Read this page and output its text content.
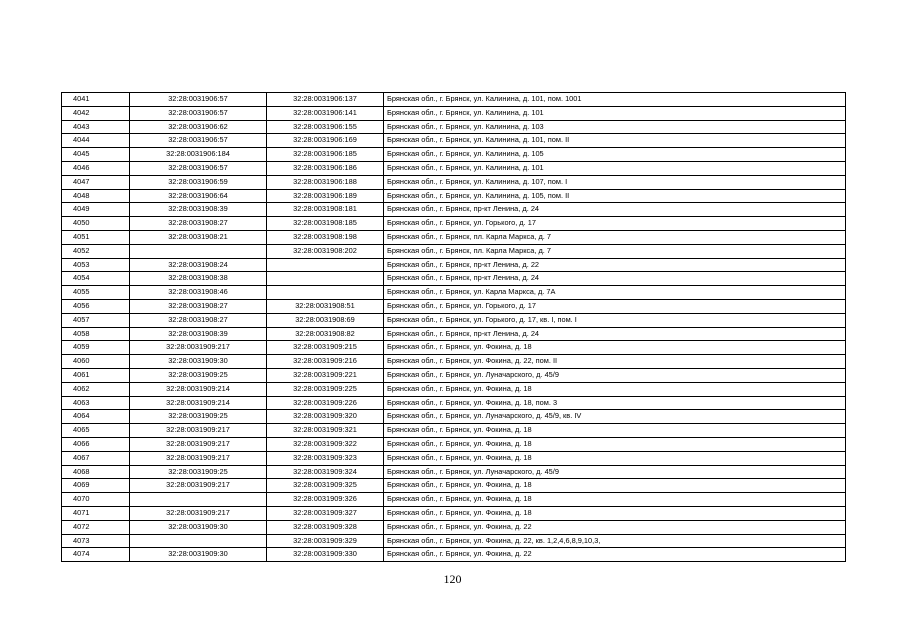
4041	32:28:0031906:57	32:28:0031906:137	Брянская обл., г. Брянск, ул. Калинина, д. 101, пом. 1001
4042	32:28:0031906:57	32:28:0031906:141	Брянская обл., г. Брянск, ул. Калинина, д. 101
4043	32:28:0031906:62	32:28:0031906:155	Брянская обл., г. Брянск, ул. Калинина, д. 103
4044	32:28:0031906:57	32:28:0031906:169	Брянская обл., г. Брянск, ул. Калинина, д. 101, пом. II
4045	32:28:0031906:184	32:28:0031906:185	Брянская обл., г. Брянск, ул. Калинина, д. 105
4046	32:28:0031906:57	32:28:0031906:186	Брянская обл., г. Брянск, ул. Калинина, д. 101
4047	32:28:0031906:59	32:28:0031906:188	Брянская обл., г. Брянск, ул. Калинина, д. 107, пом. I
4048	32:28:0031906:64	32:28:0031906:189	Брянская обл., г. Брянск, ул. Калинина, д. 105, пом. II
4049	32:28:0031908:39	32:28:0031908:181	Брянская обл., г. Брянск, пр-кт Ленина, д. 24
4050	32:28:0031908:27	32:28:0031908:185	Брянская обл., г. Брянск, ул. Горького, д. 17
4051	32:28:0031908:21	32:28:0031908:198	Брянская обл., г. Брянск, пл. Карла Маркса, д. 7
4052		32:28:0031908:202	Брянская обл., г. Брянск, пл. Карла Маркса, д. 7
4053	32:28:0031908:24		Брянская обл., г. Брянск, пр-кт Ленина, д. 22
4054	32:28:0031908:38		Брянская обл., г. Брянск, пр-кт Ленина, д. 24
4055	32:28:0031908:46		Брянская обл., г. Брянск, ул. Карла Маркса, д. 7А
4056	32:28:0031908:27	32:28:0031908:51	Брянская обл., г. Брянск, ул. Горького, д. 17
4057	32:28:0031908:27	32:28:0031908:69	Брянская обл., г. Брянск, ул. Горького, д. 17, кв. I, пом. I
4058	32:28:0031908:39	32:28:0031908:82	Брянская обл., г. Брянск, пр-кт Ленина, д. 24
4059	32:28:0031909:217	32:28:0031909:215	Брянская обл., г. Брянск, ул. Фокина, д. 18
4060	32:28:0031909:30	32:28:0031909:216	Брянская обл., г. Брянск, ул. Фокина, д. 22, пом. II
4061	32:28:0031909:25	32:28:0031909:221	Брянская обл., г. Брянск, ул. Луначарского, д. 45/9
4062	32:28:0031909:214	32:28:0031909:225	Брянская обл., г. Брянск, ул. Фокина, д. 18
4063	32:28:0031909:214	32:28:0031909:226	Брянская обл., г. Брянск, ул. Фокина, д. 18, пом. 3
4064	32:28:0031909:25	32:28:0031909:320	Брянская обл., г. Брянск, ул. Луначарского, д. 45/9, кв. IV
4065	32:28:0031909:217	32:28:0031909:321	Брянская обл., г. Брянск, ул. Фокина, д. 18
4066	32:28:0031909:217	32:28:0031909:322	Брянская обл., г. Брянск, ул. Фокина, д. 18
4067	32:28:0031909:217	32:28:0031909:323	Брянская обл., г. Брянск, ул. Фокина, д. 18
4068	32:28:0031909:25	32:28:0031909:324	Брянская обл., г. Брянск, ул. Луначарского, д. 45/9
4069	32:28:0031909:217	32:28:0031909:325	Брянская обл., г. Брянск, ул. Фокина, д. 18
4070		32:28:0031909:326	Брянская обл., г. Брянск, ул. Фокина, д. 18
4071	32:28:0031909:217	32:28:0031909:327	Брянская обл., г. Брянск, ул. Фокина, д. 18
4072	32:28:0031909:30	32:28:0031909:328	Брянская обл., г. Брянск, ул. Фокина, д. 22
4073		32:28:0031909:329	Брянская обл., г. Брянск, ул. Фокина, д. 22, кв. 1,2,4,6,8,9,10,3,
4074	32:28:0031909:30	32:28:0031909:330	Брянская обл., г. Брянск, ул. Фокина, д. 22
120
